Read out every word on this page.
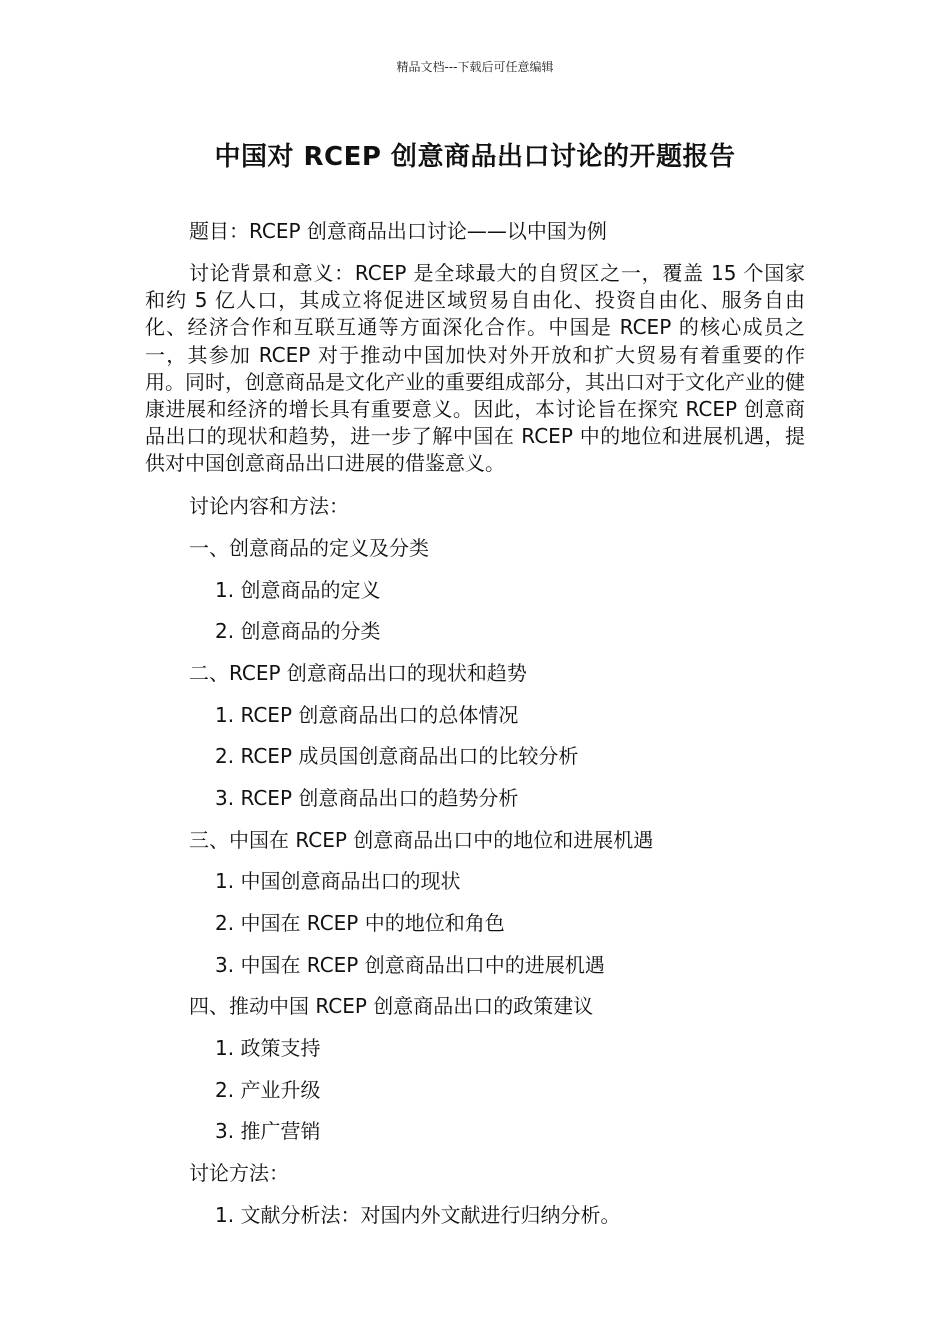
精品文档---下载后可任意编辑
中国对 RCEP 创意商品出口讨论的开题报告
题目：RCEP 创意商品出口讨论——以中国为例
讨论背景和意义：RCEP 是全球最大的自贸区之一，覆盖 15 个国家和约 5 亿人口，其成立将促进区域贸易自由化、投资自由化、服务自由化、经济合作和互联互通等方面深化合作。中国是 RCEP 的核心成员之一，其参加 RCEP 对于推动中国加快对外开放和扩大贸易有着重要的作用。同时，创意商品是文化产业的重要组成部分，其出口对于文化产业的健康进展和经济的增长具有重要意义。因此，本讨论旨在探究 RCEP 创意商品出口的现状和趋势，进一步了解中国在 RCEP 中的地位和进展机遇，提供对中国创意商品出口进展的借鉴意义。
讨论内容和方法：
一、创意商品的定义及分类
1. 创意商品的定义
2. 创意商品的分类
二、RCEP 创意商品出口的现状和趋势
1. RCEP 创意商品出口的总体情况
2. RCEP 成员国创意商品出口的比较分析
3. RCEP 创意商品出口的趋势分析
三、中国在 RCEP 创意商品出口中的地位和进展机遇
1. 中国创意商品出口的现状
2. 中国在 RCEP 中的地位和角色
3. 中国在 RCEP 创意商品出口中的进展机遇
四、推动中国 RCEP 创意商品出口的政策建议
1. 政策支持
2. 产业升级
3. 推广营销
讨论方法：
1. 文献分析法：对国内外文献进行归纳分析。
